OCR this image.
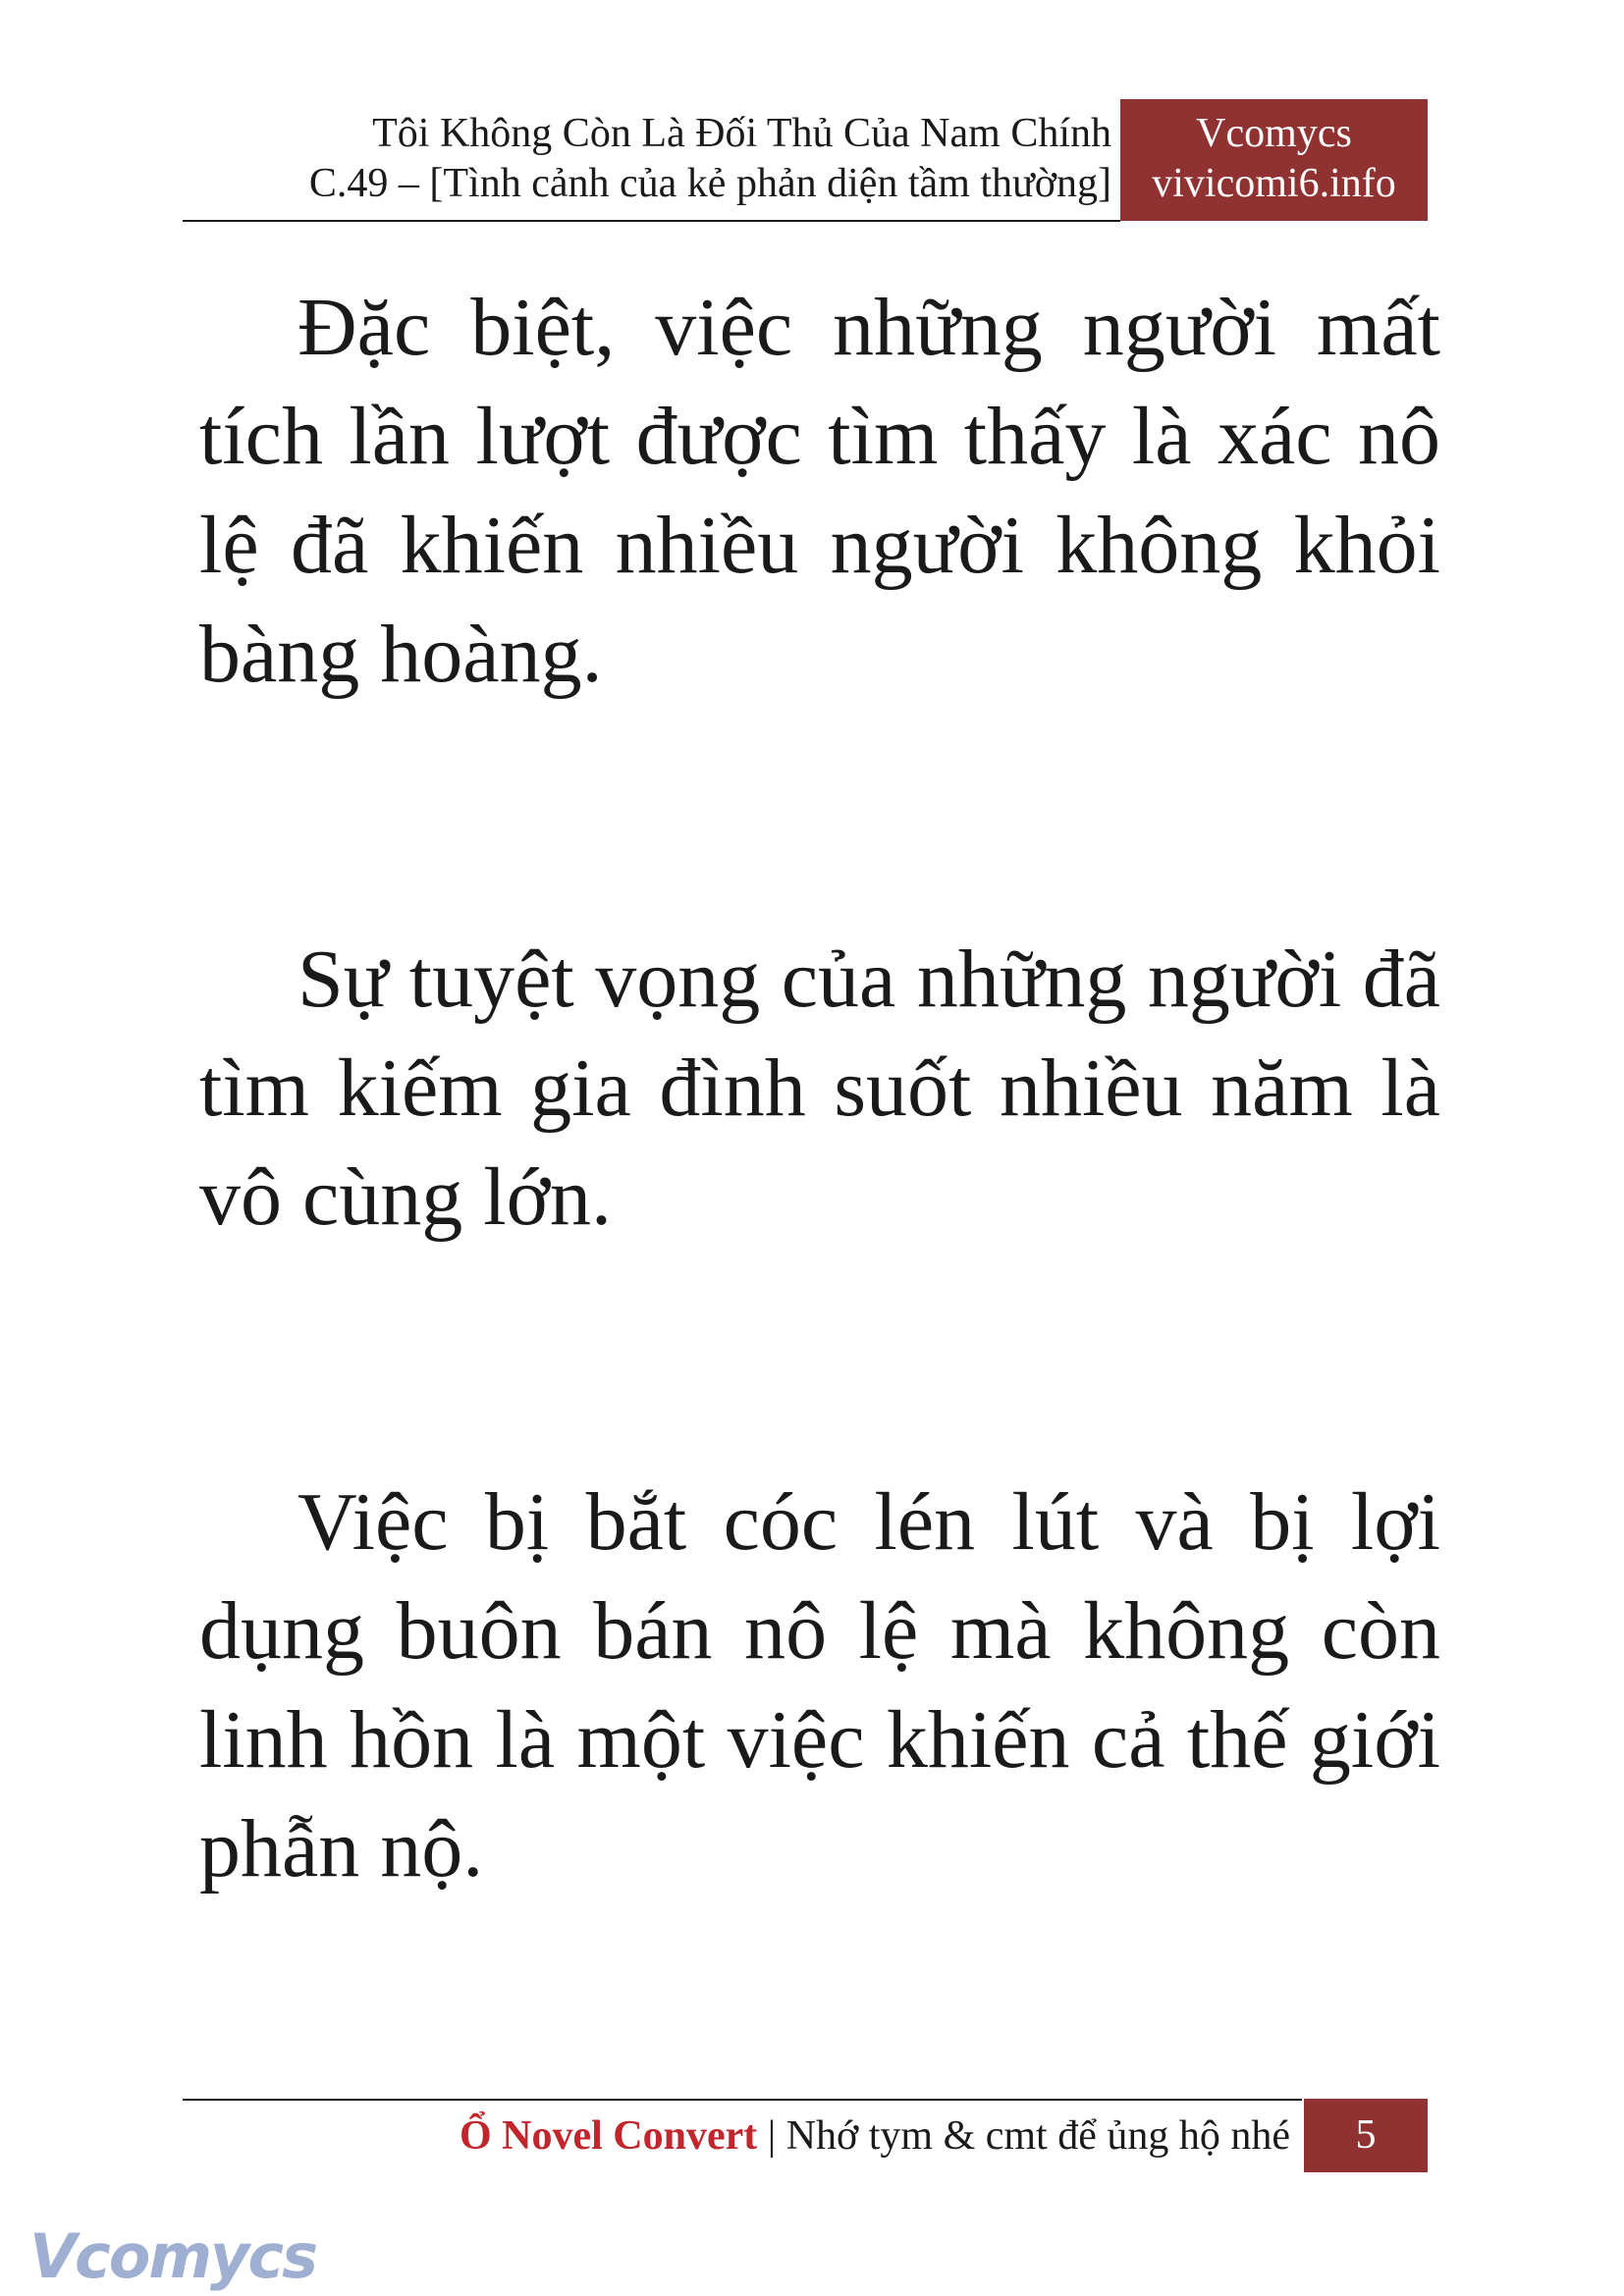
Tôi Không Còn Là Đối Thủ Của Nam Chính
C.49 – [Tình cảnh của kẻ phản diện tầm thường]
Vcomycs
vivicomi6.info

Đặc biệt, việc những người mất tích lần lượt được tìm thấy là xác nô lệ đã khiến nhiều người không khỏi bàng hoàng.

Sự tuyệt vọng của những người đã tìm kiếm gia đình suốt nhiều năm là vô cùng lớn.

Việc bị bắt cóc lén lút và bị lợi dụng buôn bán nô lệ mà không còn linh hồn là một việc khiến cả thế giới phẫn nộ.

Ổ Novel Convert | Nhớ tym & cmt để ủng hộ nhé	5
Vcomycs
